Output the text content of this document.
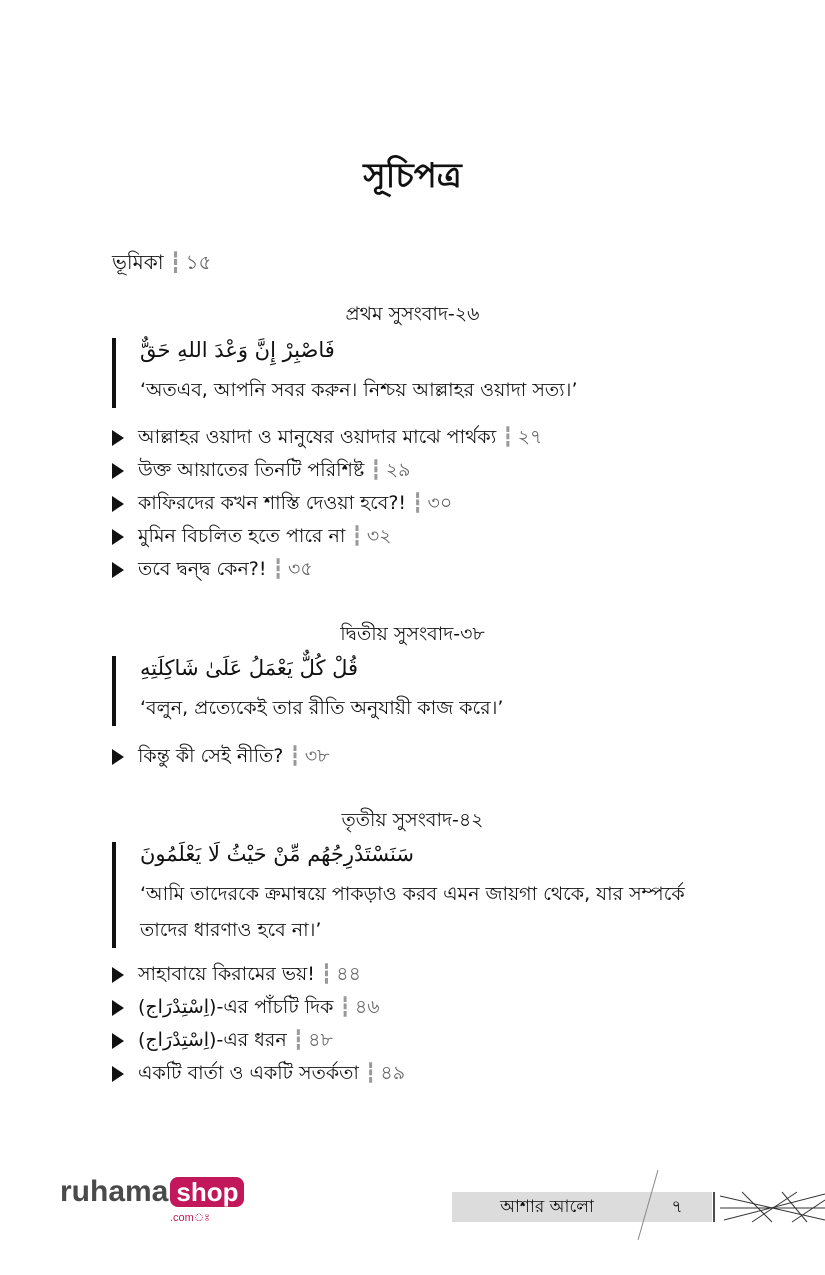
সূচিপত্র
ভূমিকা ┇ ১৫
প্রথম সুসংবাদ-২৬
فَاصْبِرْ إِنَّ وَعْدَ اللهِ حَقٌّ
‘অতএব, আপনি সবর করুন। নিশ্চয় আল্লাহর ওয়াদা সত্য।’
আল্লাহর ওয়াদা ও মানুষের ওয়াদার মাঝে পার্থক্য ┇ ২৭
উক্ত আয়াতের তিনটি পরিশিষ্ট ┇ ২৯
কাফিরদের কখন শাস্তি দেওয়া হবে?! ┇ ৩০
মুমিন বিচলিত হতে পারে না ┇ ৩২
তবে দ্বন্দ্ব কেন?! ┇ ৩৫
দ্বিতীয় সুসংবাদ-৩৮
قُلْ كُلٌّ يَعْمَلُ عَلَىٰ شَاكِلَتِهِ
‘বলুন, প্রত্যেকেই তার রীতি অনুযায়ী কাজ করে।’
কিন্তু কী সেই নীতি? ┇ ৩৮
তৃতীয় সুসংবাদ-৪২
سَنَسْتَدْرِجُهُم مِّنْ حَيْثُ لَا يَعْلَمُونَ
‘আমি তাদেরকে ক্রমান্বয়ে পাকড়াও করব এমন জায়গা থেকে, যার সম্পর্কে
তাদের ধারণাও হবে না।’
সাহাবায়ে কিরামের ভয়! ┇ ৪৪
(اِسْتِدْرَاج)-এর পাঁচটি দিক ┇ ৪৬
(اِسْتِدْرَاج)-এর ধরন ┇ ৪৮
একটি বার্তা ও একটি সতর্কতা ┇ ৪৯
ruhama shop
.comঃ
আশার আলো	৭
